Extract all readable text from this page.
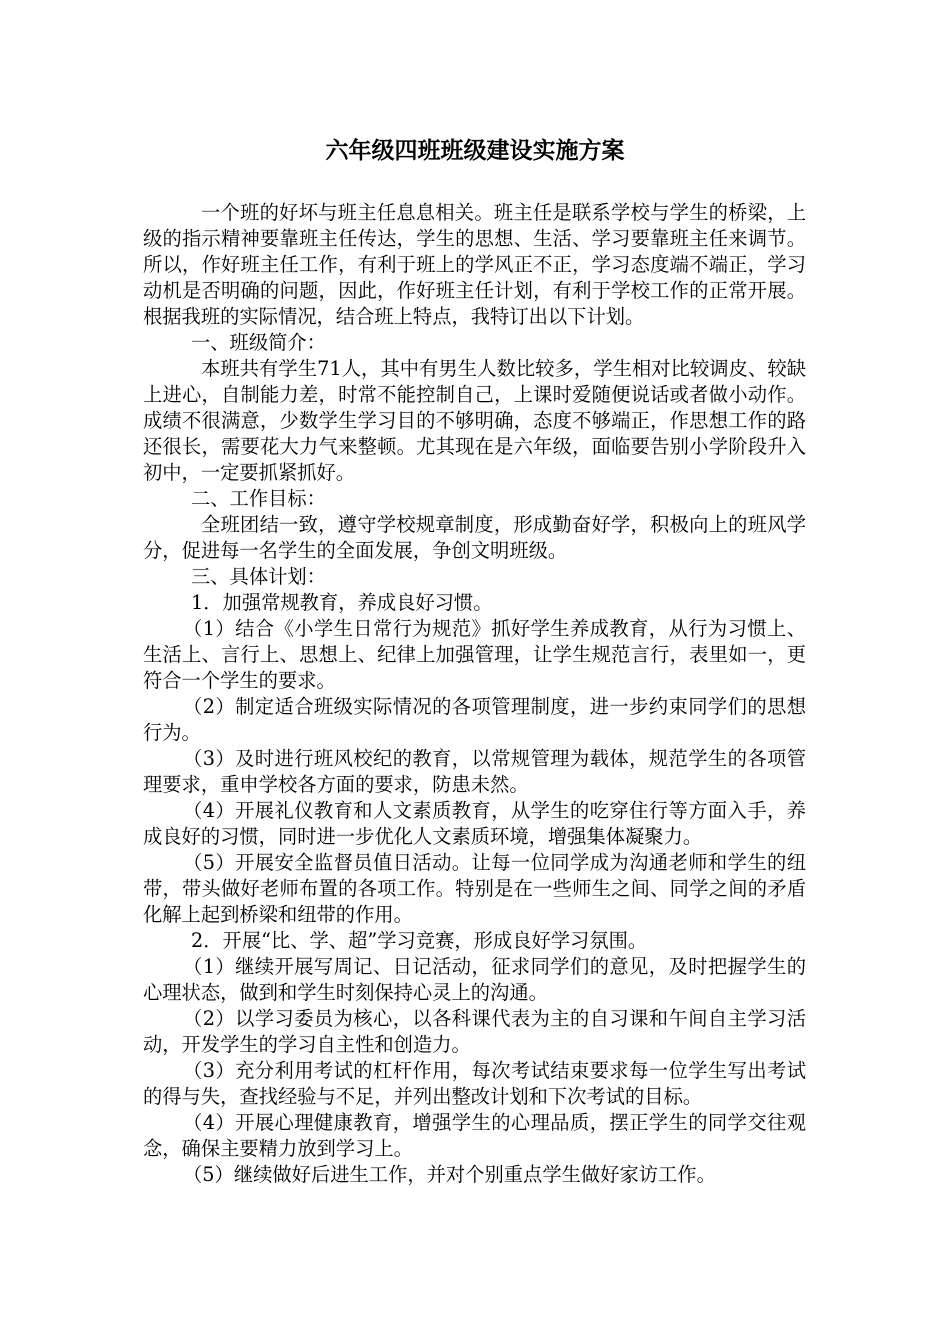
六年级四班班级建设实施方案

一个班的好坏与班主任息息相关。班主任是联系学校与学生的桥梁，上级的指示精神要靠班主任传达，学生的思想、生活、学习要靠班主任来调节。所以，作好班主任工作，有利于班上的学风正不正，学习态度端不端正，学习动机是否明确的问题，因此，作好班主任计划，有利于学校工作的正常开展。根据我班的实际情况，结合班上特点，我特订出以下计划。

一、班级简介：

本班共有学生71人，其中有男生人数比较多，学生相对比较调皮、较缺上进心，自制能力差，时常不能控制自己，上课时爱随便说话或者做小动作。成绩不很满意，少数学生学习目的不够明确，态度不够端正，作思想工作的路还很长，需要花大力气来整顿。尤其现在是六年级，面临要告别小学阶段升入初中，一定要抓紧抓好。

二、工作目标：

全班团结一致，遵守学校规章制度，形成勤奋好学，积极向上的班风学分，促进每一名学生的全面发展，争创文明班级。

三、具体计划：

1．加强常规教育，养成良好习惯。

（1）结合《小学生日常行为规范》抓好学生养成教育，从行为习惯上、生活上、言行上、思想上、纪律上加强管理，让学生规范言行，表里如一，更符合一个学生的要求。

（2）制定适合班级实际情况的各项管理制度，进一步约束同学们的思想行为。

（3）及时进行班风校纪的教育，以常规管理为载体，规范学生的各项管理要求，重申学校各方面的要求，防患未然。

（4）开展礼仪教育和人文素质教育，从学生的吃穿住行等方面入手，养成良好的习惯，同时进一步优化人文素质环境，增强集体凝聚力。

（5）开展安全监督员值日活动。让每一位同学成为沟通老师和学生的纽带，带头做好老师布置的各项工作。特别是在一些师生之间、同学之间的矛盾化解上起到桥梁和纽带的作用。

2．开展“比、学、超”学习竞赛，形成良好学习氛围。

（1）继续开展写周记、日记活动，征求同学们的意见，及时把握学生的心理状态，做到和学生时刻保持心灵上的沟通。

（2）以学习委员为核心，以各科课代表为主的自习课和午间自主学习活动，开发学生的学习自主性和创造力。

（3）充分利用考试的杠杆作用，每次考试结束要求每一位学生写出考试的得与失，查找经验与不足，并列出整改计划和下次考试的目标。

（4）开展心理健康教育，增强学生的心理品质，摆正学生的同学交往观念，确保主要精力放到学习上。

（5）继续做好后进生工作，并对个别重点学生做好家访工作。
